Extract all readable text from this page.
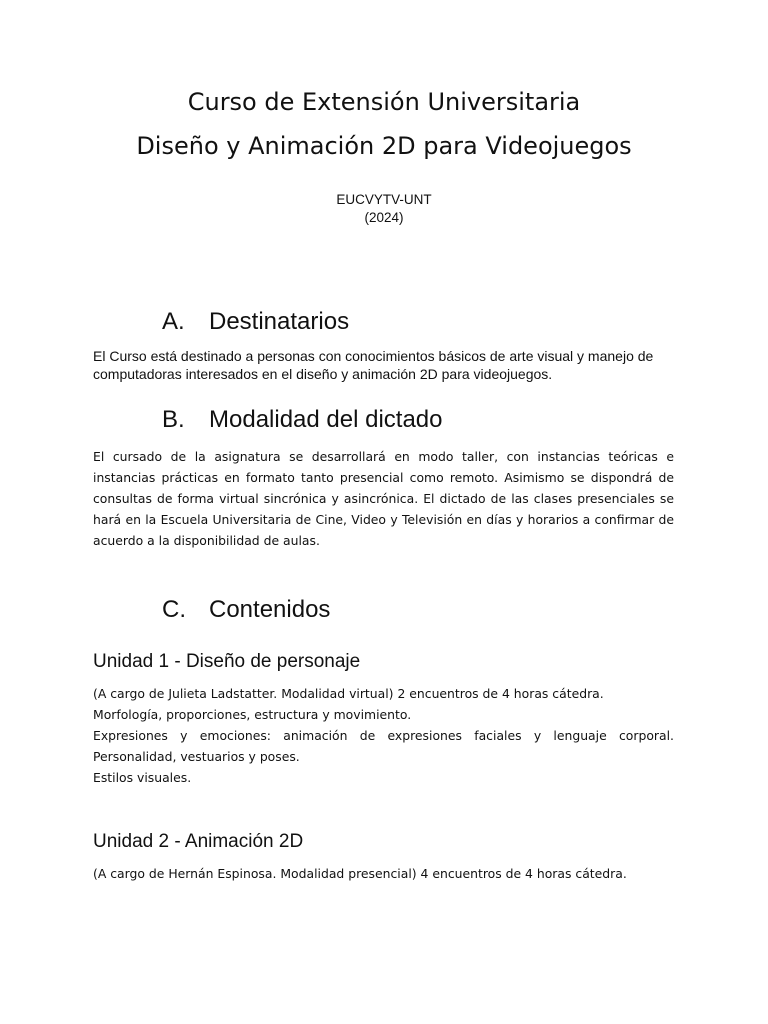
Curso de Extensión Universitaria
Diseño y Animación 2D para Videojuegos

EUCVYTV-UNT

(2024)

A. Destinatarios

El Curso está destinado a personas con conocimientos básicos de arte visual y manejo de computadoras interesados en el diseño y animación 2D para videojuegos.

B. Modalidad del dictado

El cursado de la asignatura se desarrollará en modo taller, con instancias teóricas e instancias prácticas en formato tanto presencial como remoto. Asimismo se dispondrá de consultas de forma virtual sincrónica y asincrónica. El dictado de las clases presenciales se hará en la Escuela Universitaria de Cine, Video y Televisión en días y horarios a confirmar de acuerdo a la disponibilidad de aulas.

C. Contenidos
Unidad 1 - Diseño de personaje

(A cargo de Julieta Ladstatter. Modalidad virtual) 2 encuentros de 4 horas cátedra.

Morfología, proporciones, estructura y movimiento.

Expresiones y emociones: animación de expresiones faciales y lenguaje corporal. Personalidad, vestuarios y poses.

Estilos visuales.

Unidad 2 - Animación 2D

(A cargo de Hernán Espinosa. Modalidad presencial) 4 encuentros de 4 horas cátedra.
